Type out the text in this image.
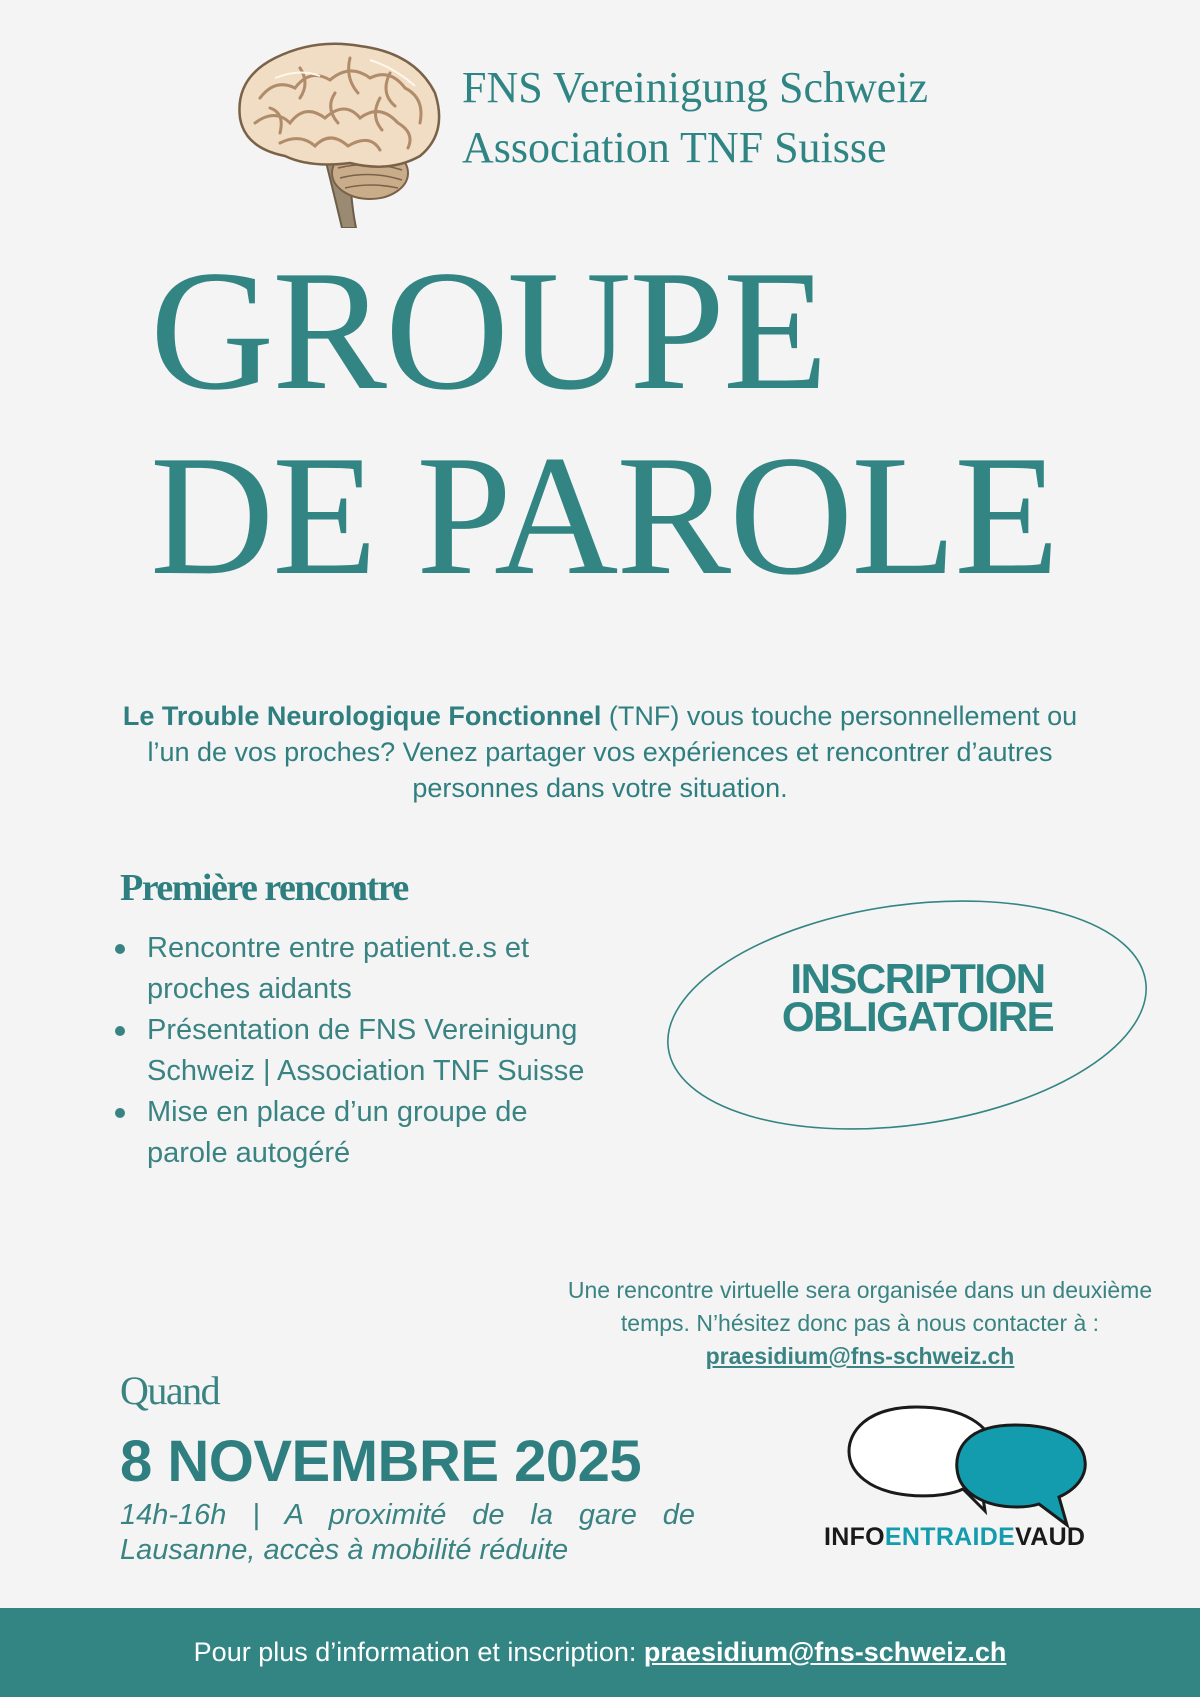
FNS Vereinigung Schweiz
Association TNF Suisse
GROUPE
DE PAROLE
Le Trouble Neurologique Fonctionnel (TNF) vous touche personnellement ou l’un de vos proches? Venez partager vos expériences et rencontrer d’autres personnes dans votre situation.
Première rencontre
Rencontre entre patient.e.s et proches aidants
Présentation de FNS Vereinigung Schweiz | Association TNF Suisse
Mise en place d’un groupe de parole autogéré
INSCRIPTION
OBLIGATOIRE
Une rencontre virtuelle sera organisée dans un deuxième temps. N’hésitez donc pas à nous contacter à : praesidium@fns-schweiz.ch
Quand
8 NOVEMBRE 2025
14h-16h | A proximité de la gare de Lausanne, accès à mobilité réduite	INFOENTRAIDEVAUD
Pour plus d’information et inscription: praesidium@fns-schweiz.ch
